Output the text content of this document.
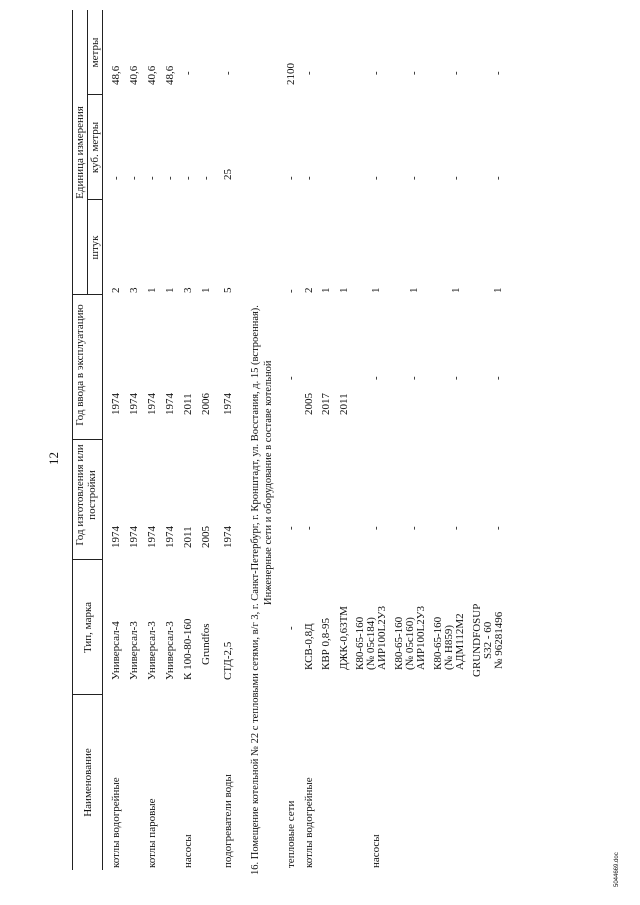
12
Наименование
Тип, марка
Год изготовления или постройки
Год ввода в эксплуатацию
Единица измерения
штук
куб. метры
метры
котлы водогрейные
Универсал-4
1974
1974
2
-
48,6
Универсал-3
1974
1974
3
-
40,6
котлы паровые
Универсал-3
1974
1974
1
-
40,6
Универсал-3
1974
1974
1
-
48,6
насосы
К 100-80-160
2011
2011
3
-
-
Grundfos
2005
2006
1
-
подогреватели воды
СТД-2,5
1974
1974
5
25
-
16. Помещение котельной № 22 с тепловыми сетями, в/г 3, г. Санкт-Петербург, г. Кронштадт, ул. Восстания, д. 15 (встроенная). Инженерные сети и оборудование в составе котельной
тепловые сети
-
-
-
-
-
2100
котлы водогрейные
КСВ-0,8Д
-
2005
2
-
-
КВР 0,8-95
2017
1
ДЖК-0,63ТМ
2011
1
насосы
К80-65-160
(№ 05с184)
АИР100L2У3
-
-
1
-
-
К80-65-160
(№ 05с160)
АИР100L2У3
-
-
1
-
-
К80-65-160
(№ Н859)
АДМ112М2
-
-
1
-
-
GRUNDFOSUP
S32 - 60
№ 96281496
-
-
1
-
-
5044669.doc
